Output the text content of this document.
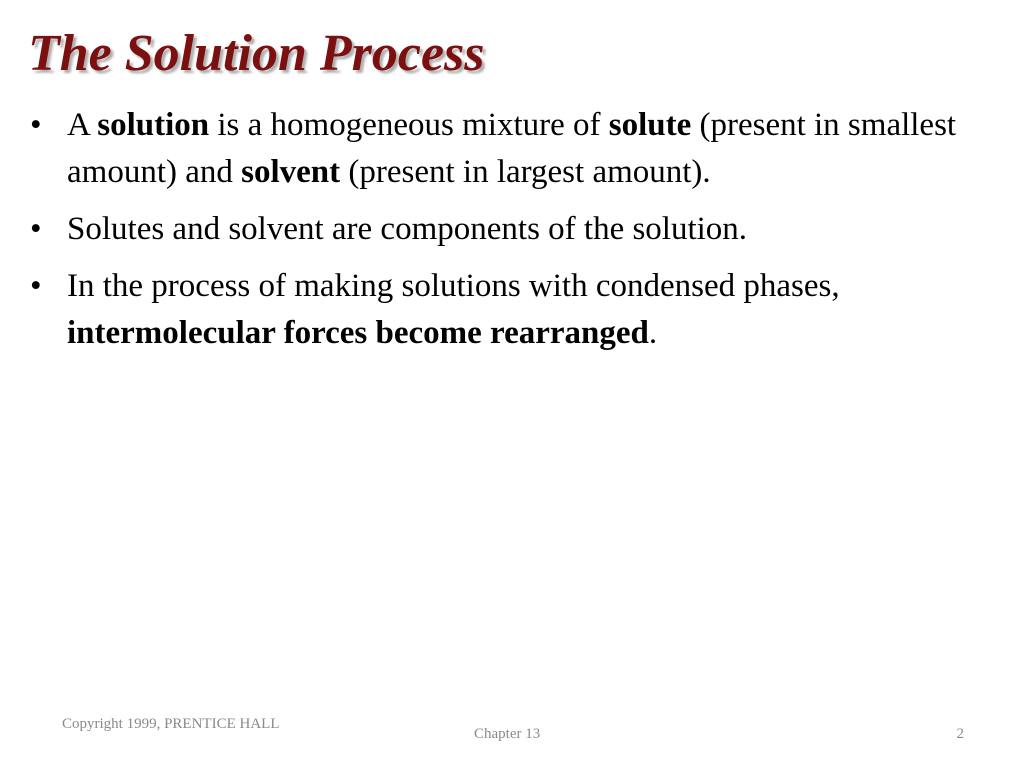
The Solution Process
• A solution is a homogeneous mixture of solute (present in smallest amount) and solvent (present in largest amount).
• Solutes and solvent are components of the solution.
• In the process of making solutions with condensed phases, intermolecular forces become rearranged.
Copyright 1999, PRENTICE HALL
Chapter 13	2
